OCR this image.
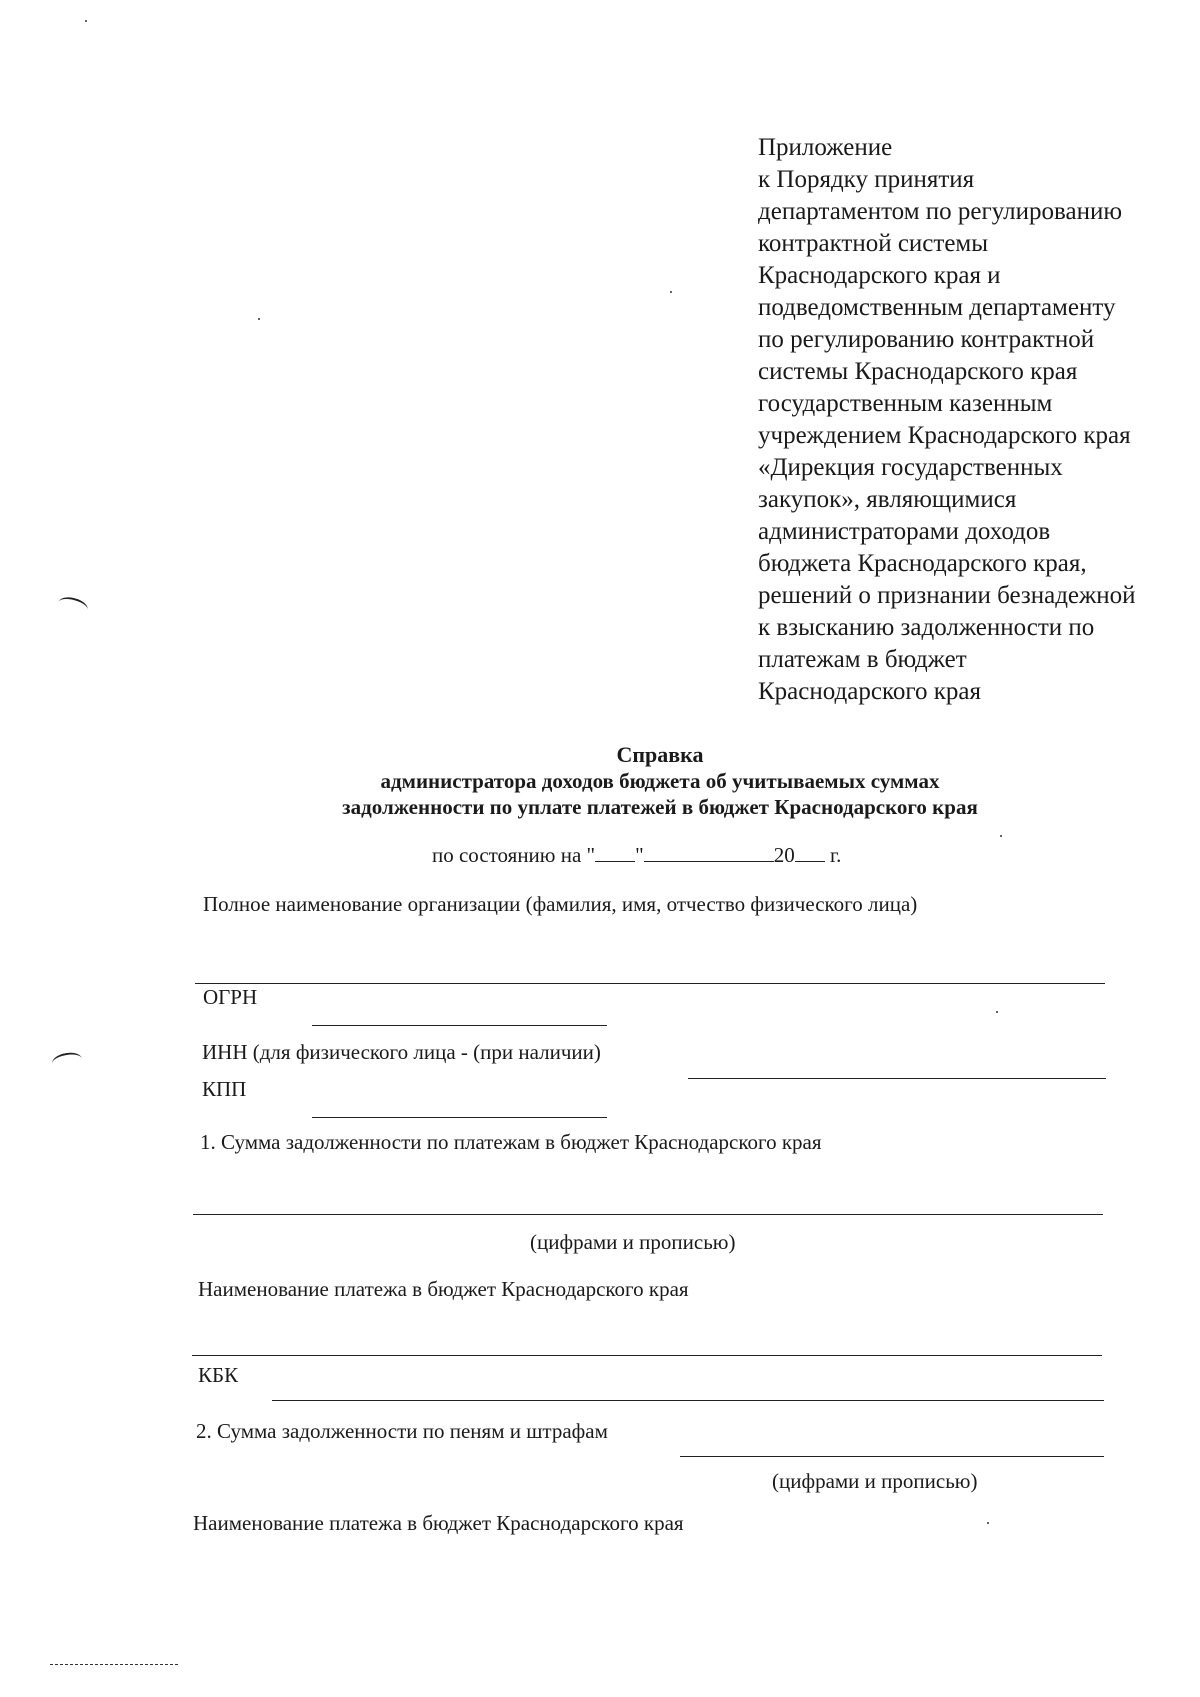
Приложение
к Порядку принятия
департаментом по регулированию
контрактной системы
Краснодарского края и
подведомственным департаменту
по регулированию контрактной
системы Краснодарского края
государственным казенным
учреждением Краснодарского края
«Дирекция государственных
закупок», являющимися
администраторами доходов
бюджета Краснодарского края,
решений о признании безнадежной
к взысканию задолженности по
платежам в бюджет
Краснодарского края
Справка
администратора доходов бюджета об учитываемых суммах
задолженности по уплате платежей в бюджет Краснодарского края
по состоянию на " "	20 г.
Полное наименование организации (фамилия, имя, отчество физического лица)
ОГРН
ИНН (для физического лица - (при наличии)
КПП
1. Сумма задолженности по платежам в бюджет Краснодарского края
(цифрами и прописью)
Наименование платежа в бюджет Краснодарского края
КБК
2. Сумма задолженности по пеням и штрафам
(цифрами и прописью)
Наименование платежа в бюджет Краснодарского края
